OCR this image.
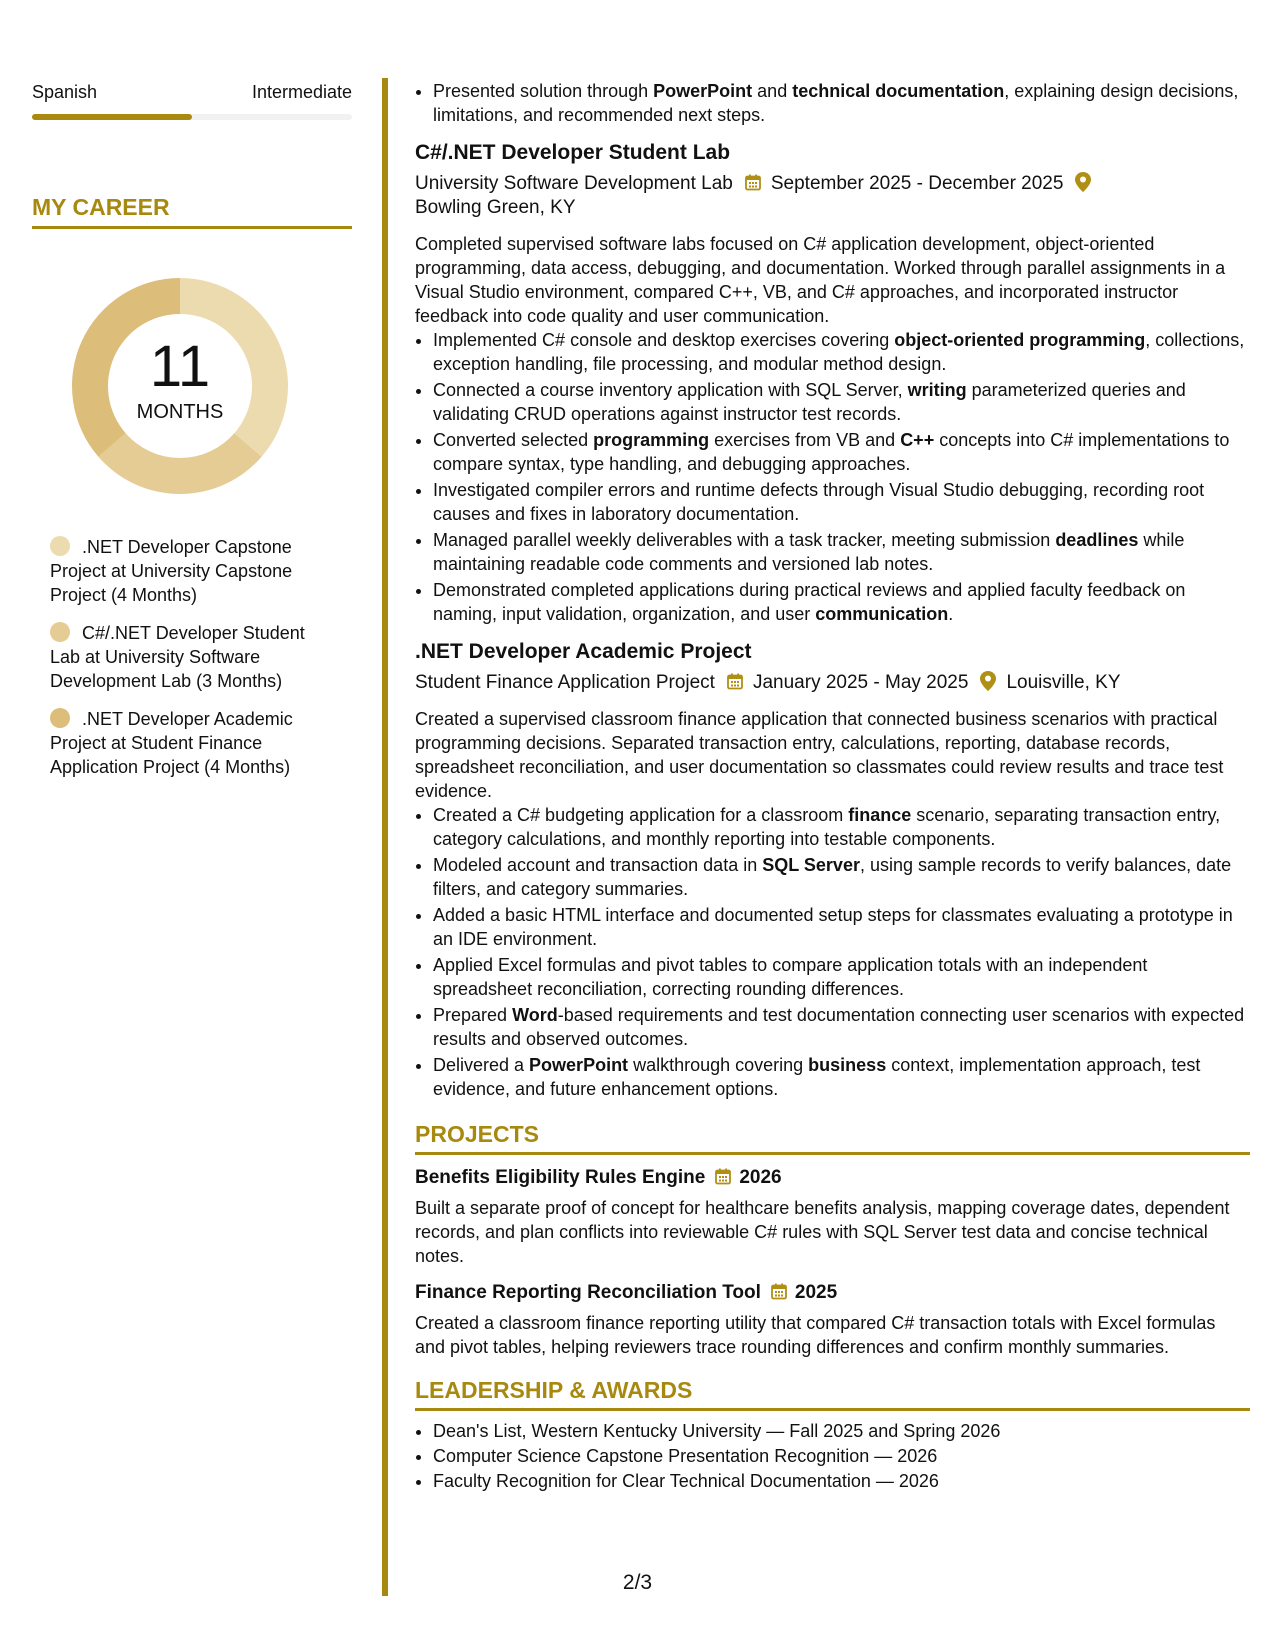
Spanish	Intermediate
MY CAREER
11
MONTHS
.NET Developer Capstone Project at University Capstone Project (4 Months)
C#/.NET Developer Student Lab at University Software Development Lab (3 Months)
.NET Developer Academic Project at Student Finance Application Project (4 Months)
• Presented solution through PowerPoint and technical documentation, explaining design decisions, limitations, and recommended next steps.
C#/.NET Developer Student Lab
University Software Development Lab September 2025 - December 2025Bowling Green, KY
Completed supervised software labs focused on C# application development, object-oriented programming, data access, debugging, and documentation. Worked through parallel assignments in a Visual Studio environment, compared C++, VB, and C# approaches, and incorporated instructor feedback into code quality and user communication.
• Implemented C# console and desktop exercises covering object-oriented programming, collections, exception handling, file processing, and modular method design.
• Connected a course inventory application with SQL Server, writing parameterized queries and validating CRUD operations against instructor test records.
• Converted selected programming exercises from VB and C++ concepts into C# implementations to compare syntax, type handling, and debugging approaches.
• Investigated compiler errors and runtime defects through Visual Studio debugging, recording root causes and fixes in laboratory documentation.
• Managed parallel weekly deliverables with a task tracker, meeting submission deadlines while maintaining readable code comments and versioned lab notes.
• Demonstrated completed applications during practical reviews and applied faculty feedback on naming, input validation, organization, and user communication.
.NET Developer Academic Project
Student Finance Application Project January 2025 - May 2025 Louisville, KY
Created a supervised classroom finance application that connected business scenarios with practical programming decisions. Separated transaction entry, calculations, reporting, database records, spreadsheet reconciliation, and user documentation so classmates could review results and trace test evidence.
• Created a C# budgeting application for a classroom finance scenario, separating transaction entry, category calculations, and monthly reporting into testable components.
• Modeled account and transaction data in SQL Server, using sample records to verify balances, date filters, and category summaries.
• Added a basic HTML interface and documented setup steps for classmates evaluating a prototype in an IDE environment.
• Applied Excel formulas and pivot tables to compare application totals with an independent spreadsheet reconciliation, correcting rounding differences.
• Prepared Word-based requirements and test documentation connecting user scenarios with expected results and observed outcomes.
• Delivered a PowerPoint walkthrough covering business context, implementation approach, test evidence, and future enhancement options.
PROJECTS
Benefits Eligibility Rules Engine 2026
Built a separate proof of concept for healthcare benefits analysis, mapping coverage dates, dependent records, and plan conflicts into reviewable C# rules with SQL Server test data and concise technical notes.
Finance Reporting Reconciliation Tool 2025
Created a classroom finance reporting utility that compared C# transaction totals with Excel formulas and pivot tables, helping reviewers trace rounding differences and confirm monthly summaries.
LEADERSHIP & AWARDS
• Dean's List, Western Kentucky University — Fall 2025 and Spring 2026
• Computer Science Capstone Presentation Recognition — 2026
• Faculty Recognition for Clear Technical Documentation — 2026
2/3
